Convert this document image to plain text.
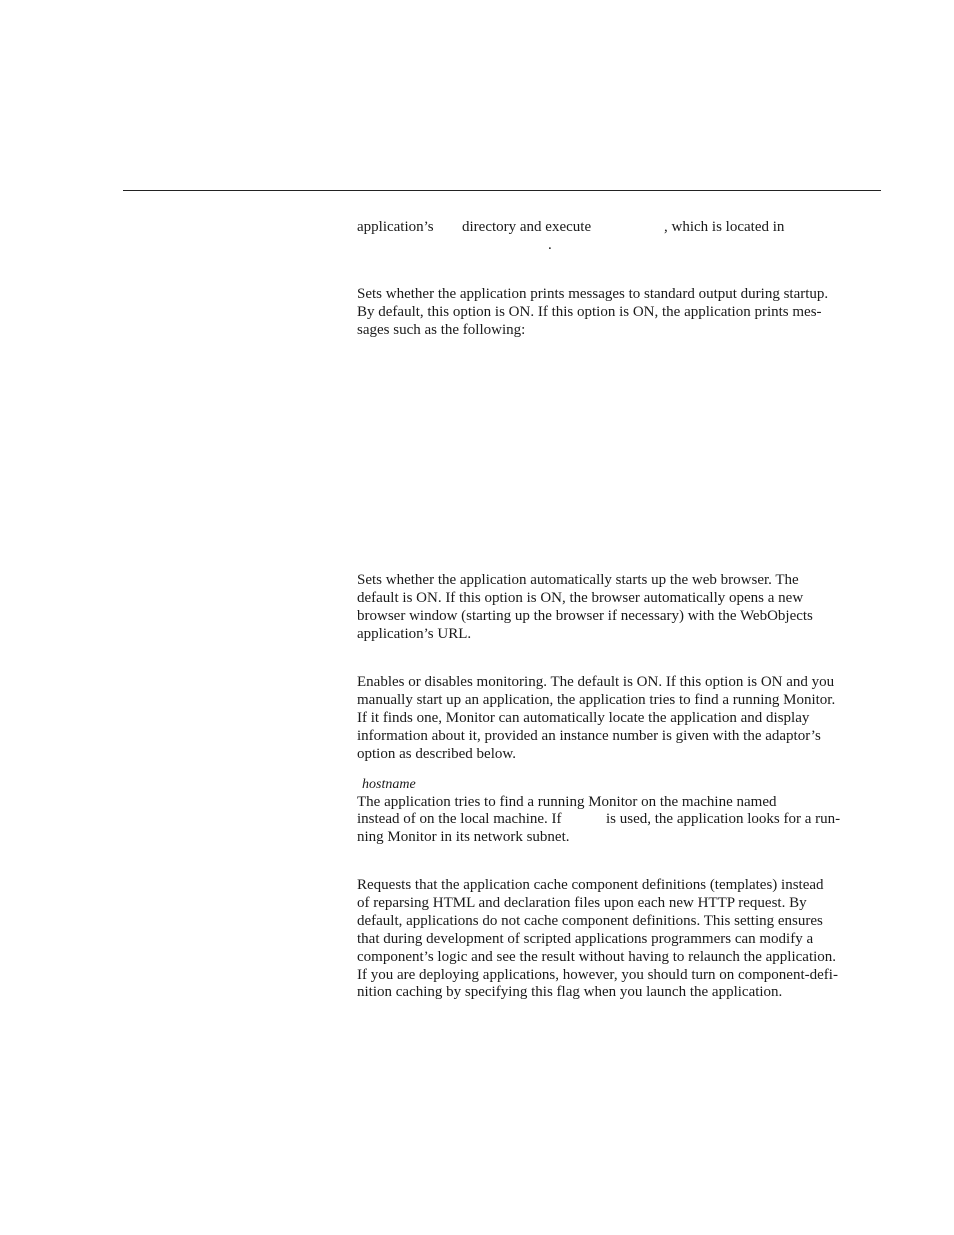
application’s directory and execute	, which is located in
.
Sets whether the application prints messages to standard output during startup.
By default, this option is ON. If this option is ON, the application prints mes-
sages such as the following:
Sets whether the application automatically starts up the web browser. The
default is ON. If this option is ON, the browser automatically opens a new
browser window (starting up the browser if necessary) with the WebObjects
application’s URL.
Enables or disables monitoring. The default is ON. If this option is ON and you
manually start up an application, the application tries to find a running Monitor.
If it finds one, Monitor can automatically locate the application and display
information about it, provided an instance number is given with the adaptor’s
option as described below.
hostname
The application tries to find a running Monitor on the machine named
instead of on the local machine. If	is used, the application looks for a run-
ning Monitor in its network subnet.
Requests that the application cache component definitions (templates) instead
of reparsing HTML and declaration files upon each new HTTP request. By
default, applications do not cache component definitions. This setting ensures
that during development of scripted applications programmers can modify a
component’s logic and see the result without having to relaunch the application.
If you are deploying applications, however, you should turn on component-defi-
nition caching by specifying this flag when you launch the application.
